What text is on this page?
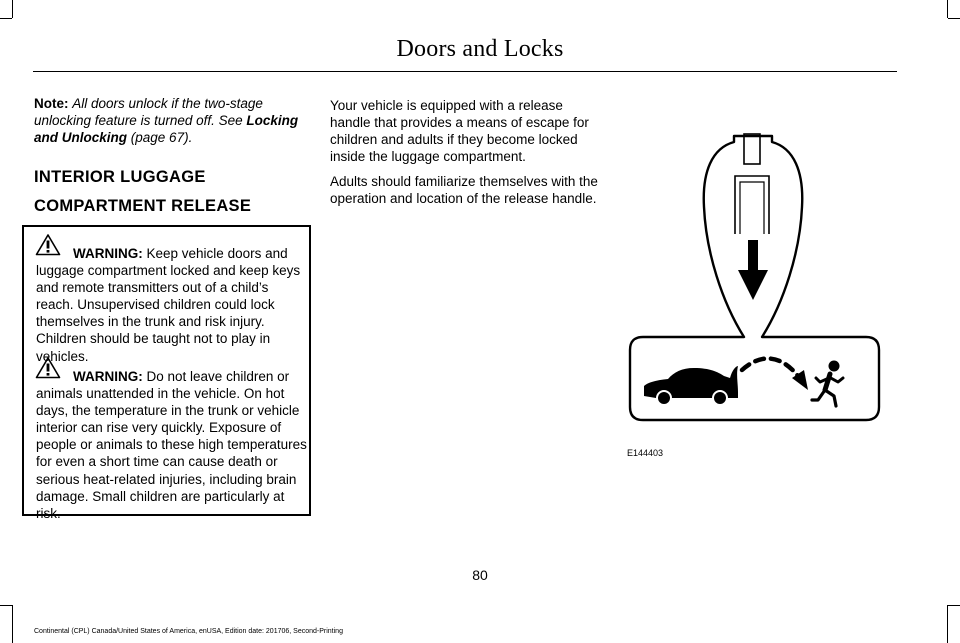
Doors and Locks

Note: All doors unlock if the two-stage unlocking feature is turned off. See Locking and Unlocking (page 67).

INTERIOR LUGGAGE
COMPARTMENT RELEASE

WARNING: Keep vehicle doors and luggage compartment locked and keep keys and remote transmitters out of a child’s reach. Unsupervised children could lock themselves in the trunk and risk injury. Children should be taught not to play in vehicles.

WARNING: Do not leave children or animals unattended in the vehicle. On hot days, the temperature in the trunk or vehicle interior can rise very quickly. Exposure of people or animals to these high temperatures for even a short time can cause death or serious heat-related injuries, including brain damage. Small children are particularly at risk.

Your vehicle is equipped with a release handle that provides a means of escape for children and adults if they become locked inside the luggage compartment.

Adults should familiarize themselves with the operation and location of the release handle.

E144403
80
Continental (CPL) Canada/United States of America, enUSA, Edition date: 201706, Second-Printing
